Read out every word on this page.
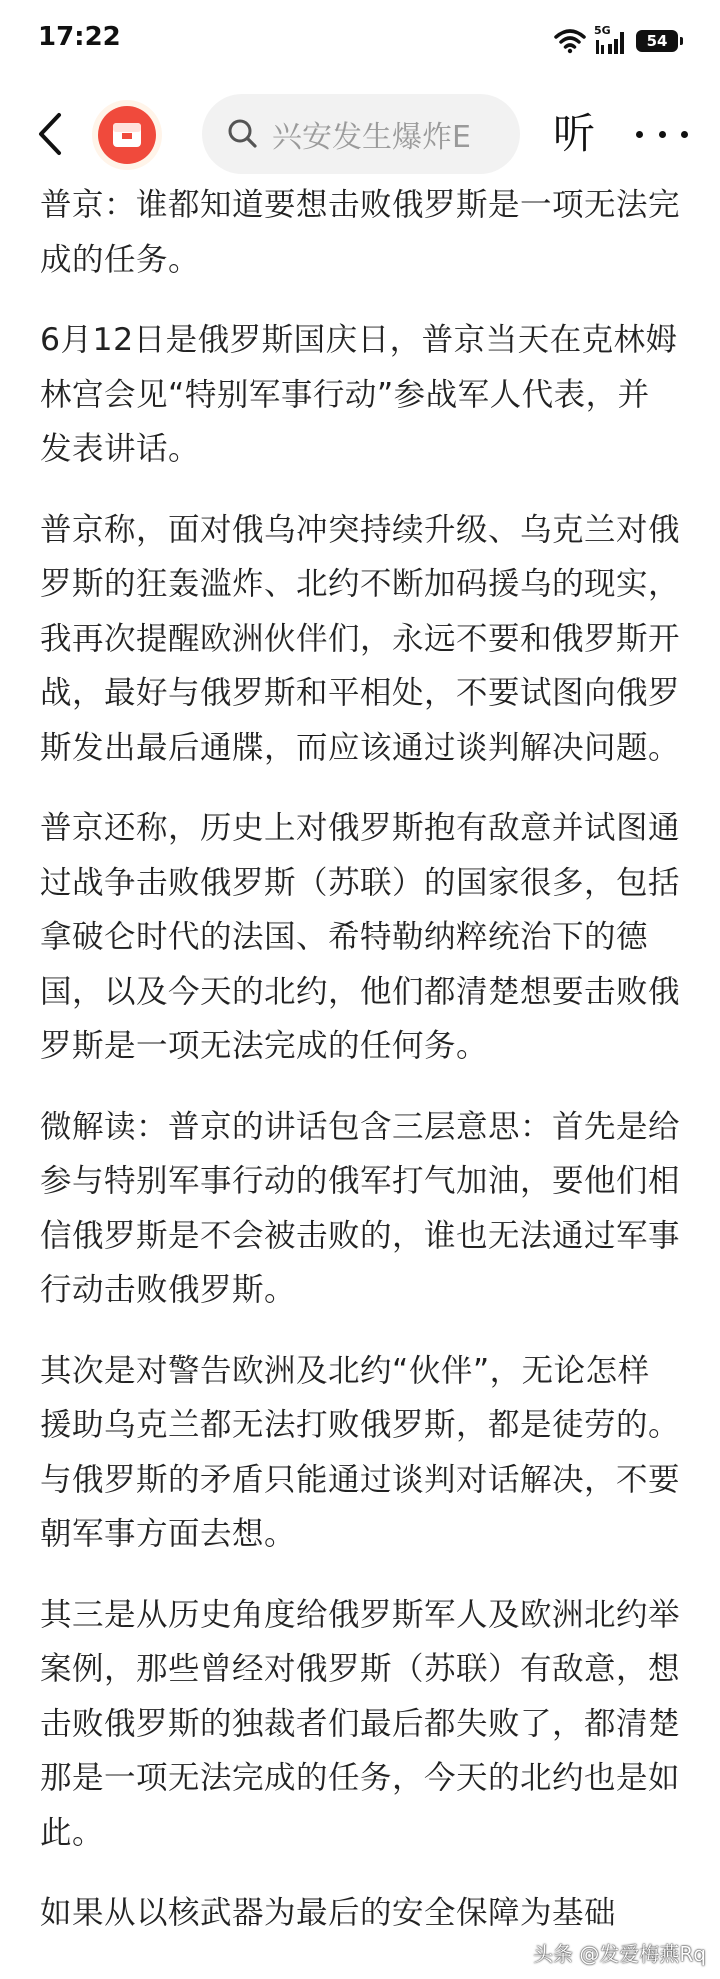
17:22	5G
54
兴安发生爆炸E	听

普京：谁都知道要想击败俄罗斯是一项无法完成的任务。

6月12日是俄罗斯国庆日，普京当天在克林姆林宫会见“特别军事行动”参战军人代表，并发表讲话。

普京称，面对俄乌冲突持续升级、乌克兰对俄罗斯的狂轰滥炸、北约不断加码援乌的现实，我再次提醒欧洲伙伴们，永远不要和俄罗斯开战，最好与俄罗斯和平相处，不要试图向俄罗斯发出最后通牒，而应该通过谈判解决问题。

普京还称，历史上对俄罗斯抱有敌意并试图通过战争击败俄罗斯（苏联）的国家很多，包括拿破仑时代的法国、希特勒纳粹统治下的德国，以及今天的北约，他们都清楚想要击败俄罗斯是一项无法完成的任何务。

微解读：普京的讲话包含三层意思：首先是给参与特别军事行动的俄军打气加油，要他们相信俄罗斯是不会被击败的，谁也无法通过军事行动击败俄罗斯。

其次是对警告欧洲及北约“伙伴”，无论怎样援助乌克兰都无法打败俄罗斯，都是徒劳的。与俄罗斯的矛盾只能通过谈判对话解决，不要朝军事方面去想。

其三是从历史角度给俄罗斯军人及欧洲北约举案例，那些曾经对俄罗斯（苏联）有敌意，想击败俄罗斯的独裁者们最后都失败了，都清楚那是一项无法完成的任务，今天的北约也是如此。

如果从以核武器为最后的安全保障为基础

头条 @发爱梅燕Rq
